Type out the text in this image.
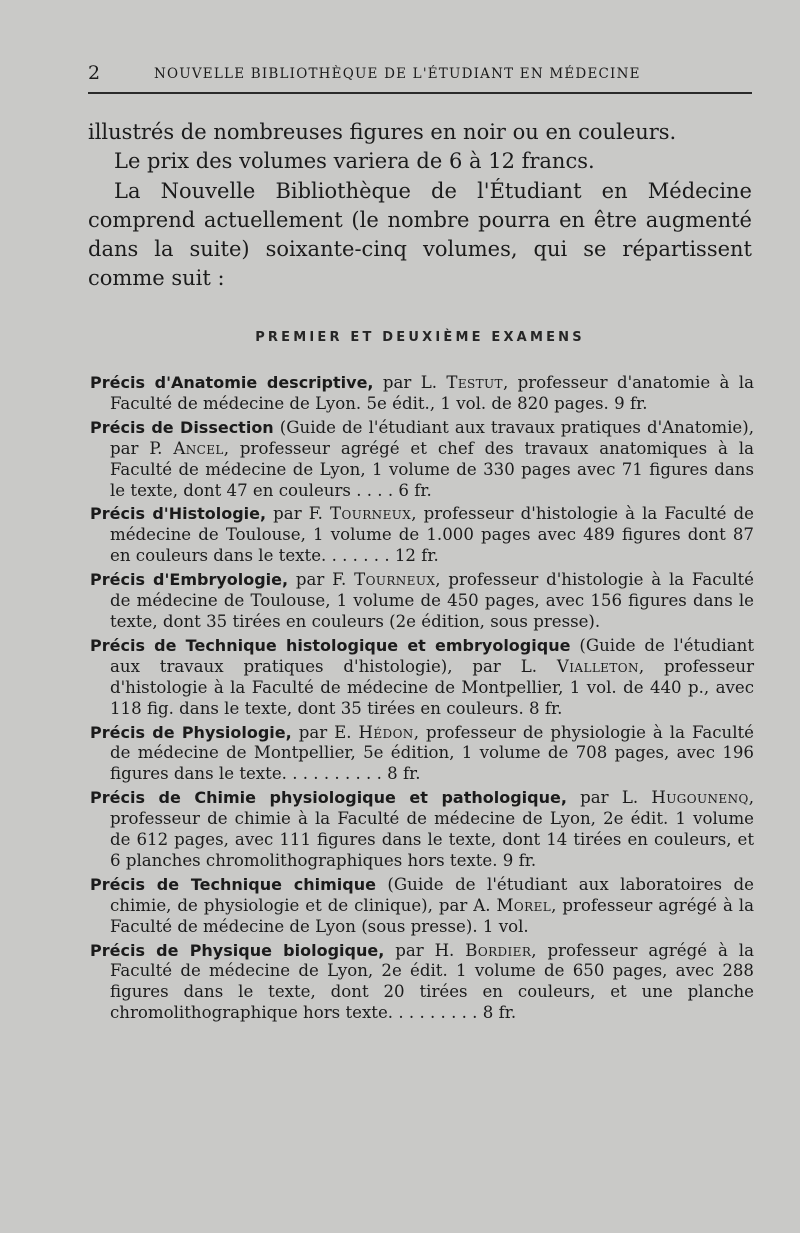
2	NOUVELLE BIBLIOTHÈQUE DE L'ÉTUDIANT EN MÉDECINE

illustrés de nombreuses figures en noir ou en couleurs.

Le prix des volumes variera de 6 à 12 francs.

La Nouvelle Bibliothèque de l'Étudiant en Médecine comprend actuellement (le nombre pourra en être augmenté dans la suite) soixante-cinq volumes, qui se répartissent comme suit :

PREMIER ET DEUXIÈME EXAMENS
Précis d'Anatomie descriptive, par L. Testut, professeur d'anatomie à la Faculté de médecine de Lyon. 5e édit., 1 vol. de 820 pages. 9 fr.
Précis de Dissection (Guide de l'étudiant aux travaux pratiques d'Anatomie), par P. Ancel, professeur agrégé et chef des travaux anatomiques à la Faculté de médecine de Lyon, 1 volume de 330 pages avec 71 figures dans le texte, dont 47 en couleurs . . . . 6 fr.
Précis d'Histologie, par F. Tourneux, professeur d'histologie à la Faculté de médecine de Toulouse, 1 volume de 1.000 pages avec 489 figures dont 87 en couleurs dans le texte. . . . . . . 12 fr.
Précis d'Embryologie, par F. Tourneux, professeur d'histologie à la Faculté de médecine de Toulouse, 1 volume de 450 pages, avec 156 figures dans le texte, dont 35 tirées en couleurs (2e édition, sous presse).
Précis de Technique histologique et embryologique (Guide de l'étudiant aux travaux pratiques d'histologie), par L. Vialleton, professeur d'histologie à la Faculté de médecine de Montpellier, 1 vol. de 440 p., avec 118 fig. dans le texte, dont 35 tirées en couleurs. 8 fr.
Précis de Physiologie, par E. Hédon, professeur de physiologie à la Faculté de médecine de Montpellier, 5e édition, 1 volume de 708 pages, avec 196 figures dans le texte. . . . . . . . . . 8 fr.
Précis de Chimie physiologique et pathologique, par L. Hugounenq, professeur de chimie à la Faculté de médecine de Lyon, 2e édit. 1 volume de 612 pages, avec 111 figures dans le texte, dont 14 tirées en couleurs, et 6 planches chromolithographiques hors texte. 9 fr.
Précis de Technique chimique (Guide de l'étudiant aux laboratoires de chimie, de physiologie et de clinique), par A. Morel, professeur agrégé à la Faculté de médecine de Lyon (sous presse). 1 vol.
Précis de Physique biologique, par H. Bordier, professeur agrégé à la Faculté de médecine de Lyon, 2e édit. 1 volume de 650 pages, avec 288 figures dans le texte, dont 20 tirées en couleurs, et une planche chromolithographique hors texte. . . . . . . . . 8 fr.
